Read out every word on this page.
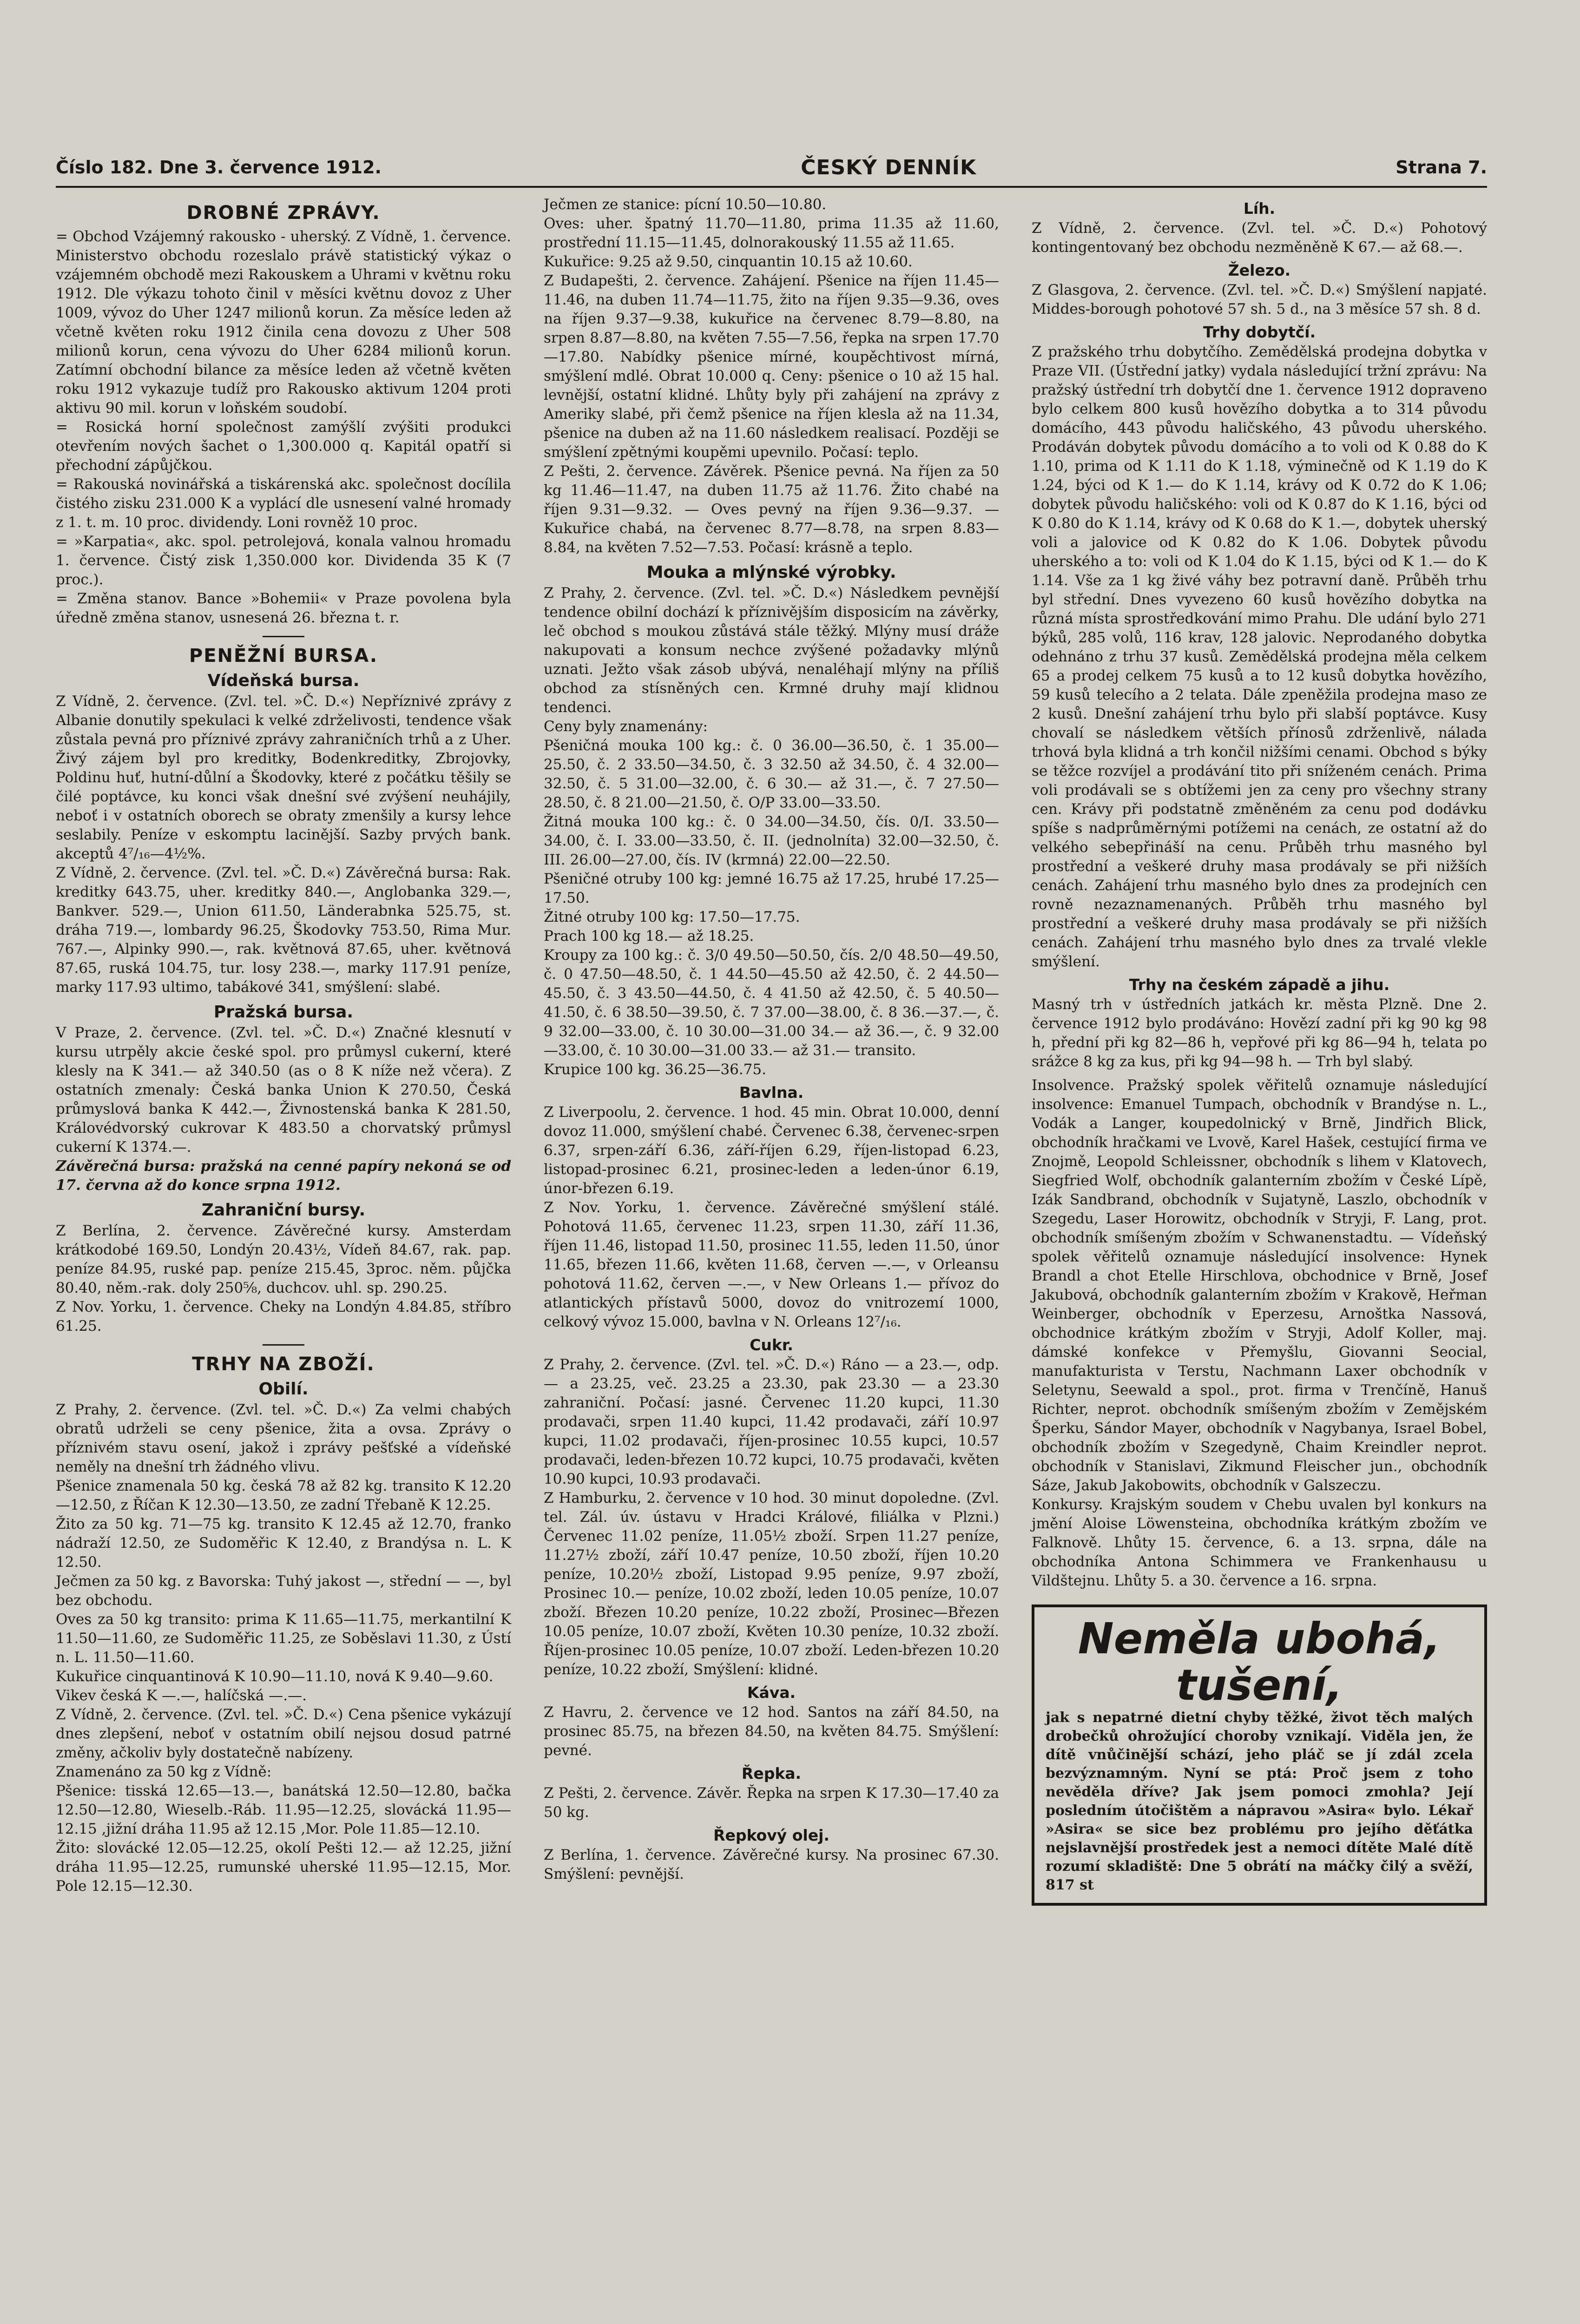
Číslo 182. Dne 3. července 1912.	ČESKÝ DENNÍK	Strana 7.
DROBNÉ ZPRÁVY.

= Obchod Vzájemný rakousko - uherský. Z Vídně, 1. července. Ministerstvo obchodu rozeslalo právě statistický výkaz o vzájemném obchodě mezi Rakouskem a Uhrami v květnu roku 1912. Dle výkazu tohoto činil v měsíci květnu dovoz z Uher 1009, vývoz do Uher 1247 milionů korun. Za měsíce leden až včetně květen roku 1912 činila cena dovozu z Uher 508 milionů korun, cena vývozu do Uher 6284 milionů korun. Zatímní obchodní bilance za měsíce leden až včetně květen roku 1912 vykazuje tudíž pro Rakousko aktivum 1204 proti aktivu 90 mil. korun v loňském soudobí.

= Rosická horní společnost zamýšlí zvýšiti produkci otevřením nových šachet o 1,300.000 q. Kapitál opatří si přechodní zápůjčkou.

= Rakouská novinářská a tiskárenská akc. společnost docílila čistého zisku 231.000 K a vyplácí dle usnesení valné hromady z 1. t. m. 10 proc. dividendy. Loni rovněž 10 proc.

= »Karpatia«, akc. spol. petrolejová, konala valnou hromadu 1. července. Čistý zisk 1,350.000 kor. Dividenda 35 K (7 proc.).

= Změna stanov. Bance »Bohemii« v Praze povolena byla úředně změna stanov, usnesená 26. března t. r.

PENĚŽNÍ BURSA.
Vídeňská bursa.

Z Vídně, 2. července. (Zvl. tel. »Č. D.«) Nepříznivé zprávy z Albanie donutily spekulaci k velké zdrželivosti, tendence však zůstala pevná pro příznivé zprávy zahraničních trhů a z Uher. Živý zájem byl pro kreditky, Bodenkreditky, Zbrojovky, Poldinu huť, hutní-důlní a Škodovky, které z počátku těšily se čilé poptávce, ku konci však dnešní své zvýšení neuhájily, neboť i v ostatních oborech se obraty zmenšily a kursy lehce seslabily. Peníze v eskomptu lacinější. Sazby prvých bank. akceptů 4⁷/₁₆—4½%.

Z Vídně, 2. července. (Zvl. tel. »Č. D.«) Závěrečná bursa: Rak. kreditky 643.75, uher. kreditky 840.—, Anglobanka 329.—, Bankver. 529.—, Union 611.50, Länderabnka 525.75, st. dráha 719.—, lombardy 96.25, Škodovky 753.50, Rima Mur. 767.—, Alpinky 990.—, rak. květnová 87.65, uher. květnová 87.65, ruská 104.75, tur. losy 238.—, marky 117.91 peníze, marky 117.93 ultimo, tabákové 341, smýšlení: slabé.

Pražská bursa.

V Praze, 2. července. (Zvl. tel. »Č. D.«) Značné klesnutí v kursu utrpěly akcie české spol. pro průmysl cukerní, které klesly na K 341.— až 340.50 (as o 8 K níže než včera). Z ostatních zmenaly: Česká banka Union K 270.50, Česká průmyslová banka K 442.—, Živnostenská banka K 281.50, Královédvorský cukrovar K 483.50 a chorvatský průmysl cukerní K 1374.—.

Závěrečná bursa: pražská na cenné papíry nekoná se od 17. června až do konce srpna 1912.

Zahraniční bursy.

Z Berlína, 2. července. Závěrečné kursy. Amsterdam krátkodobé 169.50, Londýn 20.43½, Vídeň 84.67, rak. pap. peníze 84.95, ruské pap. peníze 215.45, 3proc. něm. půjčka 80.40, něm.-rak. doly 250⅝, duchcov. uhl. sp. 290.25.

Z Nov. Yorku, 1. července. Cheky na Londýn 4.84.85, stříbro 61.25.

TRHY NA ZBOŽÍ.
Obilí.

Z Prahy, 2. července. (Zvl. tel. »Č. D.«) Za velmi chabých obratů udrželi se ceny pšenice, žita a ovsa. Zprávy o příznivém stavu osení, jakož i zprávy pešťské a vídeňské neměly na dnešní trh žádného vlivu.

Pšenice znamenala 50 kg. česká 78 až 82 kg. transito K 12.20—12.50, z Říčan K 12.30—13.50, ze zadní Třebaně K 12.25.

Žito za 50 kg. 71—75 kg. transito K 12.45 až 12.70, franko nádraží 12.50, ze Sudoměřic K 12.40, z Brandýsa n. L. K 12.50.

Ječmen za 50 kg. z Bavorska: Tuhý jakost —, střední — —, byl bez obchodu.

Oves za 50 kg transito: prima K 11.65—11.75, merkantilní K 11.50—11.60, ze Sudoměřic 11.25, ze Soběslavi 11.30, z Ústí n. L. 11.50—11.60.

Kukuřice cinquantinová K 10.90—11.10, nová K 9.40—9.60.

Vikev česká K —.—, halíčská —.—.

Z Vídně, 2. července. (Zvl. tel. »Č. D.«) Cena pšenice vykázují dnes zlepšení, neboť v ostatním obilí nejsou dosud patrné změny, ačkoliv byly dostatečně nabízeny.

Znamenáno za 50 kg z Vídně:

Pšenice: tisská 12.65—13.—, banátská 12.50—12.80, bačka 12.50—12.80, Wieselb.-Ráb. 11.95—12.25, slovácká 11.95—12.15 ,jižní dráha 11.95 až 12.15 ,Mor. Pole 11.85—12.10.

Žito: slovácké 12.05—12.25, okolí Pešti 12.— až 12.25, jižní dráha 11.95—12.25, rumunské uherské 11.95—12.15, Mor. Pole 12.15—12.30.

Ječmen ze stanice: pícní 10.50—10.80.

Oves: uher. špatný 11.70—11.80, prima 11.35 až 11.60, prostřední 11.15—11.45, dolnorakouský 11.55 až 11.65.

Kukuřice: 9.25 až 9.50, cinquantin 10.15 až 10.60.

Z Budapešti, 2. července. Zahájení. Pšenice na říjen 11.45—11.46, na duben 11.74—11.75, žito na říjen 9.35—9.36, oves na říjen 9.37—9.38, kukuřice na červenec 8.79—8.80, na srpen 8.87—8.80, na květen 7.55—7.56, řepka na srpen 17.70—17.80. Nabídky pšenice mírné, koupěchtivost mírná, smýšlení mdlé. Obrat 10.000 q. Ceny: pšenice o 10 až 15 hal. levnější, ostatní klidné. Lhůty byly při zahájení na zprávy z Ameriky slabé, při čemž pšenice na říjen klesla až na 11.34, pšenice na duben až na 11.60 následkem realisací. Později se smýšlení zpětnými koupěmi upevnilo. Počasí: teplo.

Z Pešti, 2. července. Závěrek. Pšenice pevná. Na říjen za 50 kg 11.46—11.47, na duben 11.75 až 11.76. Žito chabé na říjen 9.31—9.32. — Oves pevný na říjen 9.36—9.37. — Kukuřice chabá, na červenec 8.77—8.78, na srpen 8.83—8.84, na květen 7.52—7.53. Počasí: krásně a teplo.

Mouka a mlýnské výrobky.

Z Prahy, 2. července. (Zvl. tel. »Č. D.«) Následkem pevnější tendence obilní dochází k příznivějším disposicím na závěrky, leč obchod s moukou zůstává stále těžký. Mlýny musí dráže nakupovati a konsum nechce zvýšené požadavky mlýnů uznati. Ježto však zásob ubývá, nenaléhají mlýny na příliš obchod za stísněných cen. Krmné druhy mají klidnou tendenci.

Ceny byly znamenány:

Pšeničná mouka 100 kg.: č. 0 36.00—36.50, č. 1 35.00—25.50, č. 2 33.50—34.50, č. 3 32.50 až 34.50, č. 4 32.00—32.50, č. 5 31.00—32.00, č. 6 30.— až 31.—, č. 7 27.50—28.50, č. 8 21.00—21.50, č. O/P 33.00—33.50.

Žitná mouka 100 kg.: č. 0 34.00—34.50, čís. 0/I. 33.50—34.00, č. I. 33.00—33.50, č. II. (jednolníta) 32.00—32.50, č. III. 26.00—27.00, čís. IV (krmná) 22.00—22.50.

Pšeničné otruby 100 kg: jemné 16.75 až 17.25, hrubé 17.25—17.50.

Žitné otruby 100 kg: 17.50—17.75.

Prach 100 kg 18.— až 18.25.

Kroupy za 100 kg.: č. 3/0 49.50—50.50, čís. 2/0 48.50—49.50, č. 0 47.50—48.50, č. 1 44.50—45.50 až 42.50, č. 2 44.50—45.50, č. 3 43.50—44.50, č. 4 41.50 až 42.50, č. 5 40.50—41.50, č. 6 38.50—39.50, č. 7 37.00—38.00, č. 8 36.—37.—, č. 9 32.00—33.00, č. 10 30.00—31.00 34.— až 36.—, č. 9 32.00—33.00, č. 10 30.00—31.00 33.— až 31.— transito.

Krupice 100 kg. 36.25—36.75.

Bavlna.

Z Liverpoolu, 2. července. 1 hod. 45 min. Obrat 10.000, denní dovoz 11.000, smýšlení chabé. Červenec 6.38, červenec-srpen 6.37, srpen-září 6.36, září-říjen 6.29, říjen-listopad 6.23, listopad-prosinec 6.21, prosinec-leden a leden-únor 6.19, únor-březen 6.19.

Z Nov. Yorku, 1. července. Závěrečné smýšlení stálé. Pohotová 11.65, červenec 11.23, srpen 11.30, září 11.36, říjen 11.46, listopad 11.50, prosinec 11.55, leden 11.50, únor 11.65, březen 11.66, květen 11.68, červen —.—, v Orleansu pohotová 11.62, červen —.—, v New Orleans 1.— přívoz do atlantických přístavů 5000, dovoz do vnitrozemí 1000, celkový vývoz 15.000, bavlna v N. Orleans 12⁷/₁₆.

Cukr.

Z Prahy, 2. července. (Zvl. tel. »Č. D.«) Ráno — a 23.—, odp. — a 23.25, več. 23.25 a 23.30, pak 23.30 — a 23.30 zahraniční. Počasí: jasné. Červenec 11.20 kupci, 11.30 prodavači, srpen 11.40 kupci, 11.42 prodavači, září 10.97 kupci, 11.02 prodavači, říjen-prosinec 10.55 kupci, 10.57 prodavači, leden-březen 10.72 kupci, 10.75 prodavači, květen 10.90 kupci, 10.93 prodavači.

Z Hamburku, 2. července v 10 hod. 30 minut dopoledne. (Zvl. tel. Zál. úv. ústavu v Hradci Králové, filiálka v Plzni.) Červenec 11.02 peníze, 11.05½ zboží. Srpen 11.27 peníze, 11.27½ zboží, září 10.47 peníze, 10.50 zboží, říjen 10.20 peníze, 10.20½ zboží, Listopad 9.95 peníze, 9.97 zboží, Prosinec 10.— peníze, 10.02 zboží, leden 10.05 peníze, 10.07 zboží. Březen 10.20 peníze, 10.22 zboží, Prosinec—Březen 10.05 peníze, 10.07 zboží, Květen 10.30 peníze, 10.32 zboží. Říjen-prosinec 10.05 peníze, 10.07 zboží. Leden-březen 10.20 peníze, 10.22 zboží, Smýšlení: klidné.

Káva.

Z Havru, 2. července ve 12 hod. Santos na září 84.50, na prosinec 85.75, na březen 84.50, na květen 84.75. Smýšlení: pevné.

Řepka.

Z Pešti, 2. července. Závěr. Řepka na srpen K 17.30—17.40 za 50 kg.

Řepkový olej.

Z Berlína, 1. července. Závěrečné kursy. Na prosinec 67.30. Smýšlení: pevnější.

Líh.

Z Vídně, 2. července. (Zvl. tel. »Č. D.«) Pohotový kontingentovaný bez obchodu nezměněně K 67.— až 68.—.

Železo.

Z Glasgova, 2. července. (Zvl. tel. »Č. D.«) Smýšlení napjaté. Middes-borough pohotové 57 sh. 5 d., na 3 měsíce 57 sh. 8 d.

Trhy dobytčí.

Z pražského trhu dobytčího. Zemědělská prodejna dobytka v Praze VII. (Ústřední jatky) vydala následující tržní zprávu: Na pražský ústřední trh dobytčí dne 1. července 1912 dopraveno bylo celkem 800 kusů hovězího dobytka a to 314 původu domácího, 443 původu haličského, 43 původu uherského. Prodáván dobytek původu domácího a to voli od K 0.88 do K 1.10, prima od K 1.11 do K 1.18, výminečně od K 1.19 do K 1.24, býci od K 1.— do K 1.14, krávy od K 0.72 do K 1.06; dobytek původu haličského: voli od K 0.87 do K 1.16, býci od K 0.80 do K 1.14, krávy od K 0.68 do K 1.—, dobytek uherský voli a jalovice od K 0.82 do K 1.06. Dobytek původu uherského a to: voli od K 1.04 do K 1.15, býci od K 1.— do K 1.14. Vše za 1 kg živé váhy bez potravní daně. Průběh trhu byl střední. Dnes vyvezeno 60 kusů hovězího dobytka na různá místa sprostředkování mimo Prahu. Dle udání bylo 271 býků, 285 volů, 116 krav, 128 jalovic. Neprodaného dobytka odehnáno z trhu 37 kusů. Zemědělská prodejna měla celkem 65 a prodej celkem 75 kusů a to 12 kusů dobytka hovězího, 59 kusů telecího a 2 telata. Dále zpeněžila prodejna maso ze 2 kusů. Dnešní zahájení trhu bylo při slabší poptávce. Kusy chovalí se následkem větších přínosů zdrženlivě, nálada trhová byla klidná a trh končil nižšími cenami. Obchod s býky se těžce rozvíjel a prodávání tito při sníženém cenách. Prima voli prodávali se s obtížemi jen za ceny pro všechny strany cen. Krávy při podstatně změněném za cenu pod dodávku spíše s nadprůměrnými potížemi na cenách, ze ostatní až do velkého sebepřináší na cenu. Průběh trhu masného byl prostřední a veškeré druhy masa prodávaly se při nižších cenách. Zahájení trhu masného bylo dnes za prodejních cen rovně nezaznamenaných. Průběh trhu masného byl prostřední a veškeré druhy masa prodávaly se při nižších cenách. Zahájení trhu masného bylo dnes za trvalé vlekle smýšlení.

Trhy na českém západě a jihu.

Masný trh v ústředních jatkách kr. města Plzně. Dne 2. července 1912 bylo prodáváno: Hovězí zadní při kg 90 kg 98 h, přední při kg 82—86 h, vepřové při kg 86—94 h, telata po srážce 8 kg za kus, při kg 94—98 h. — Trh byl slabý.

Insolvence. Pražský spolek věřitelů oznamuje následující insolvence: Emanuel Tumpach, obchodník v Brandýse n. L., Vodák a Langer, koupedolnický v Brně, Jindřich Blick, obchodník hračkami ve Lvově, Karel Hašek, cestující firma ve Znojmě, Leopold Schleissner, obchodník s lihem v Klatovech, Siegfried Wolf, obchodník galanterním zbožím v České Lípě, Izák Sandbrand, obchodník v Sujatyně, Laszlo, obchodník v Szegedu, Laser Horowitz, obchodník v Stryji, F. Lang, prot. obchodník smíšeným zbožím v Schwanenstadtu. — Vídeňský spolek věřitelů oznamuje následující insolvence: Hynek Brandl a chot Etelle Hirschlova, obchodnice v Brně, Josef Jakubová, obchodník galanterním zbožím v Krakově, Heřman Weinberger, obchodník v Eperzesu, Arnoštka Nassová, obchodnice krátkým zbožím v Stryji, Adolf Koller, maj. dámské konfekce v Přemyšlu, Giovanni Seocial, manufakturista v Terstu, Nachmann Laxer obchodník v Seletynu, Seewald a spol., prot. firma v Trenčíně, Hanuš Richter, neprot. obchodník smíšeným zbožím v Zemějském Šperku, Sándor Mayer, obchodník v Nagybanya, Israel Bobel, obchodník zbožím v Szegedyně, Chaim Kreindler neprot. obchodník v Stanislavi, Zikmund Fleischer jun., obchodník Sáze, Jakub Jakobowits, obchodník v Galszeczu.

Konkursy. Krajským soudem v Chebu uvalen byl konkurs na jmění Aloise Löwensteina, obchodníka krátkým zbožím ve Falknově. Lhůty 15. července, 6. a 13. srpna, dále na obchodníka Antona Schimmera ve Frankenhausu u Vildštejnu. Lhůty 5. a 30. července a 16. srpna.

Neměla ubohá,
tušení,

jak s nepatrné dietní chyby těžké, život těch malých drobečků ohrožující choroby vznikají. Viděla jen, že dítě vnůčinější schází, jeho pláč se jí zdál zcela bezvýznamným. Nyní se ptá: Proč jsem z toho nevěděla dříve? Jak jsem pomoci zmohla? Její posledním útočištěm a nápravou »Asira« bylo. Lékař »Asira« se sice bez problému pro jejího děťátka nejslavnější prostředek jest a nemoci dítěte Malé dítě rozumí skladiště: Dne 5 obrátí na máčky čilý a svěží, 817 st
